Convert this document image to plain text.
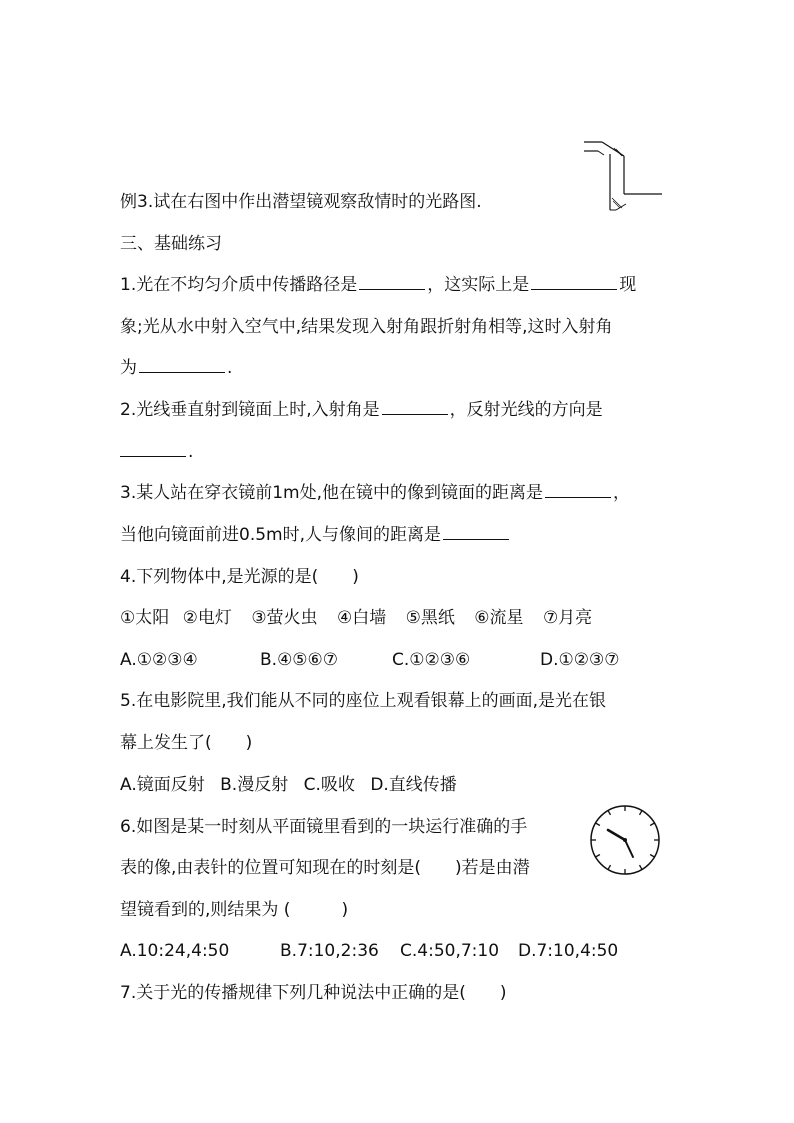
例3.试在右图中作出潜望镜观察敌情时的光路图.
三、基础练习
1.光在不均匀介质中传播路径是	，这实际上是	现
象;光从水中射入空气中,结果发现入射角跟折射角相等,这时入射角
为	.
2.光线垂直射到镜面上时,入射角是	，反射光线的方向是
.
3.某人站在穿衣镜前1m处,他在镜中的像到镜面的距离是	，
当他向镜面前进0.5m时,人与像间的距离是
4.下列物体中,是光源的是(　　)
①太阳 ②电灯 ③萤火虫 ④白墙 ⑤黑纸 ⑥流星 ⑦月亮
A.①②③④	B.④⑤⑥⑦	C.①②③⑥	D.①②③⑦
5.在电影院里,我们能从不同的座位上观看银幕上的画面,是光在银
幕上发生了(　　)
A.镜面反射 B.漫反射 C.吸收 D.直线传播
6.如图是某一时刻从平面镜里看到的一块运行准确的手
表的像,由表针的位置可知现在的时刻是(　　)若是由潜
望镜看到的,则结果为 (　　　)
A.10:24,4:50	B.7:10,2:36 C.4:50,7:10 D.7:10,4:50
7.关于光的传播规律下列几种说法中正确的是(　　)
